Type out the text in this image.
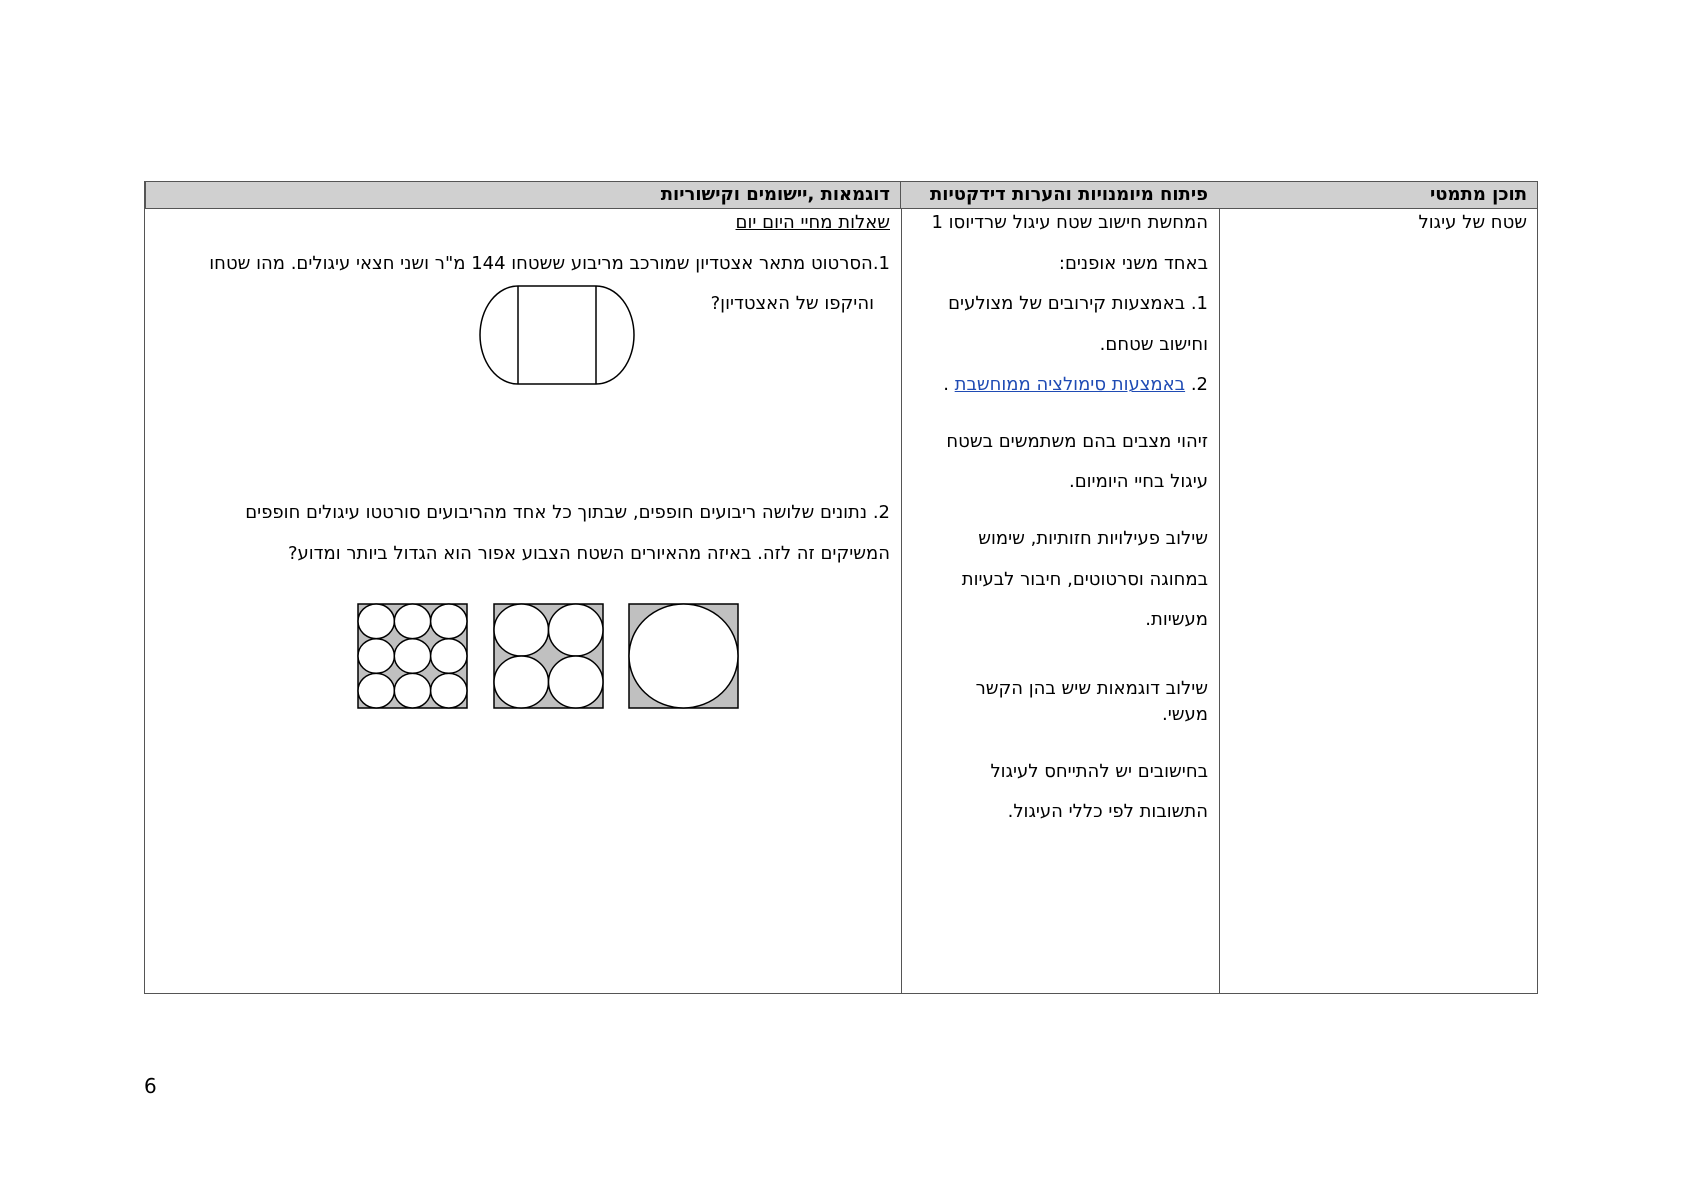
תוכן מתמטי
פיתוח מיומנויות והערות דידקטיות
דוגמאות ,יישומים וקישוריות
שטח של עיגול
המחשת חישוב שטח עיגול שרדיוסו 1
באחד משני אופנים:
1. באמצעות קירובים של מצולעים
וחישוב שטחם.
2. באמצעות סימולציה ממוחשבת .
זיהוי מצבים בהם משתמשים בשטח
עיגול בחיי היומיום.
שילוב פעילויות חזותיות, שימוש
במחוגה וסרטוטים, חיבור לבעיות
מעשיות.
שילוב דוגמאות שיש בהן הקשר
מעשי.
בחישובים יש להתייחס לעיגול
התשובות לפי כללי העיגול.
שאלות מחיי היום יום
1.הסרטוט מתאר אצטדיון שמורכב מריבוע ששטחו 144 מ"ר ושני חצאי עיגולים. מהו שטחו
והיקפו של האצטדיון?
2. נתונים שלושה ריבועים חופפים, שבתוך כל אחד מהריבועים סורטטו עיגולים חופפים
המשיקים זה לזה. באיזה מהאיורים השטח הצבוע אפור הוא הגדול ביותר ומדוע?
6
